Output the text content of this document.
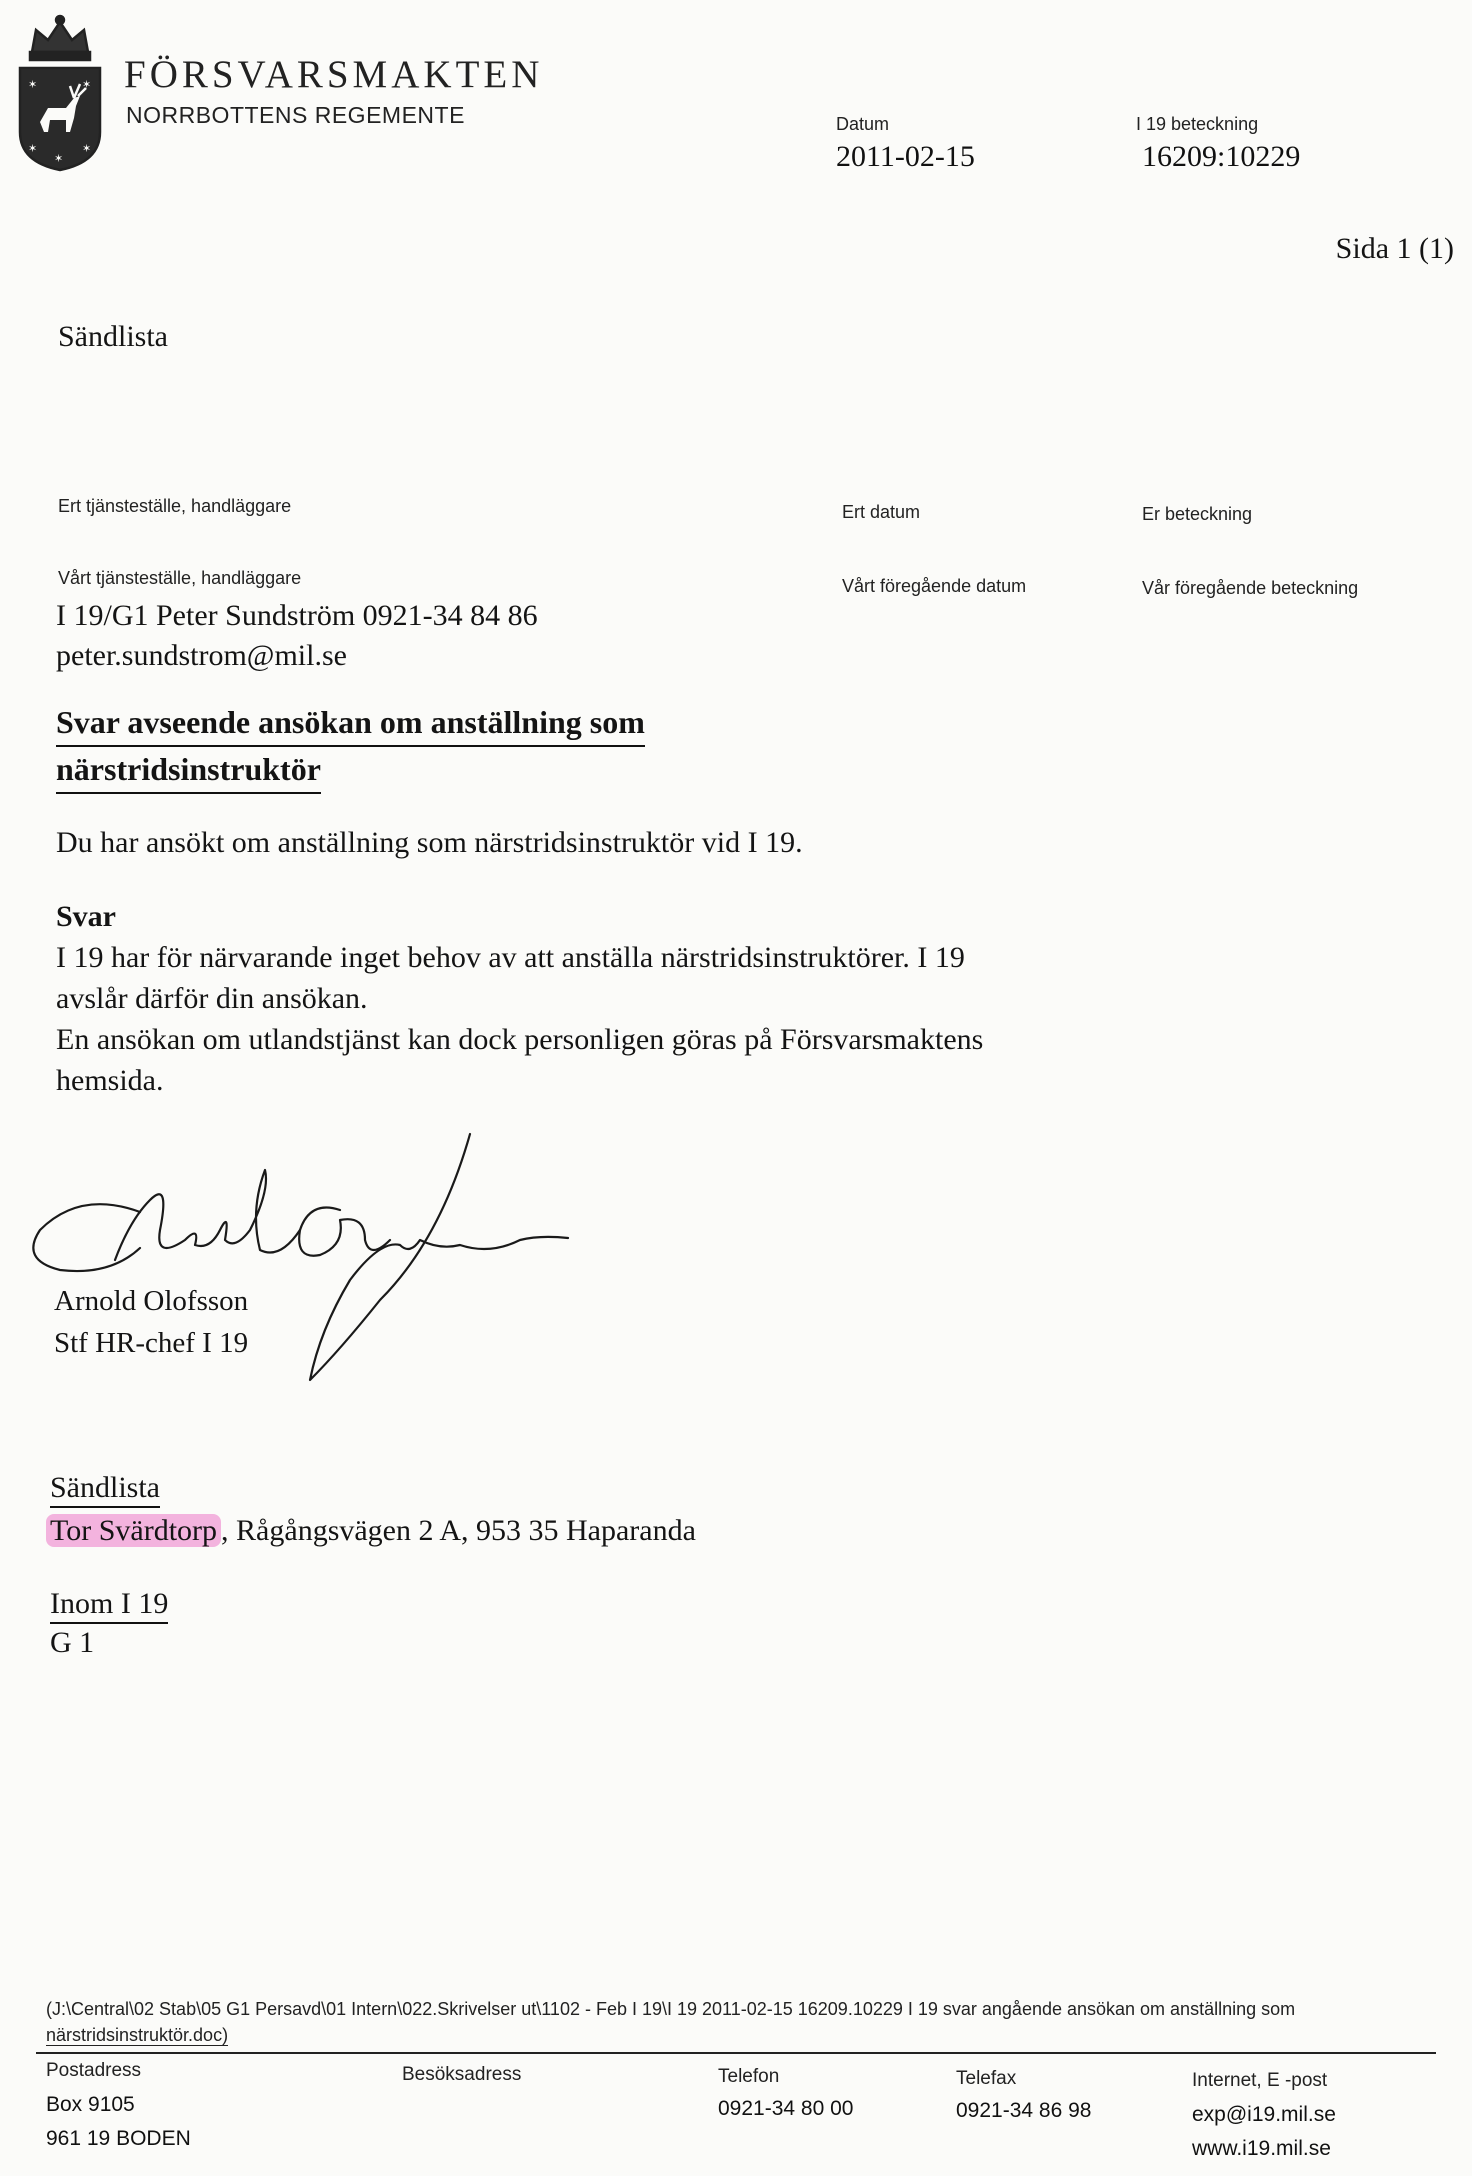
✶	✶
✶	✶
✶
FÖRSVARSMAKTEN
NORRBOTTENS REGEMENTE	Datum
2011-02-15
I 19 beteckning
16209:10229
Sida 1 (1)
Sändlista
Ert tjänsteställe, handläggare	Ert datum	Er beteckning
Vårt tjänsteställe, handläggare	Vårt föregående datum	Vår föregående beteckning
I 19/G1 Peter Sundström 0921-34 84 86
peter.sundstrom@mil.se
Svar avseende ansökan om anställning som
närstridsinstruktör
Du har ansökt om anställning som närstridsinstruktör vid I 19.
Svar
I 19 har för närvarande inget behov av att anställa närstridsinstruktörer. I 19
avslår därför din ansökan.
En ansökan om utlandstjänst kan dock personligen göras på Försvarsmaktens
hemsida.
Arnold Olofsson
Stf HR-chef I 19
Sändlista
Tor Svärdtorp , Rågångsvägen 2 A, 953 35 Haparanda
Inom I 19
G 1
(J:\Central\02 Stab\05 G1 Persavd\01 Intern\022.Skrivelser ut\1102 - Feb I 19\I 19 2011-02-15 16209.10229 I 19 svar angående ansökan om anställning som
närstridsinstruktör.doc)
Postadress
Box 9105
961 19 BODEN
Besöksadress	Telefon
0921-34 80 00
Telefax
0921-34 86 98
Internet, E -post
exp@i19.mil.se
www.i19.mil.se
